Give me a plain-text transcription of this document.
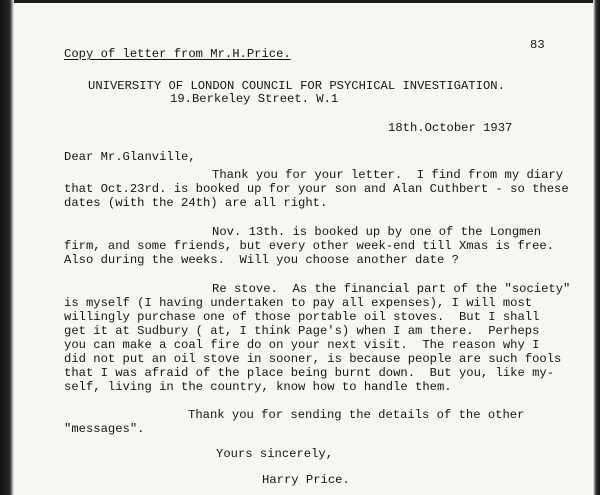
Copy of letter from Mr.H.Price.
83
UNIVERSITY OF LONDON COUNCIL FOR PSYCHICAL INVESTIGATION.
19.Berkeley Street. W.1
18th.October 1937
Dear Mr.Glanville,
Thank you for your letter.  I find from my diary
that Oct.23rd. is booked up for your son and Alan Cuthbert - so these
dates (with the 24th) are all right.
Nov. 13th. is booked up by one of the Longmen
firm, and some friends, but every other week-end till Xmas is free.
Also during the weeks.  Will you choose another date ?
Re stove.  As the financial part of the "society"
is myself (I having undertaken to pay all expenses), I will most
willingly purchase one of those portable oil stoves.  But I shall
get it at Sudbury ( at, I think Page's) when I am there.  Perheps
you can make a coal fire do on your next visit.  The reason why I
did not put an oil stove in sooner, is because people are such fools
that I was afraid of the place being burnt down.  But you, like my-
self, living in the country, know how to handle them.
Thank you for sending the details of the other
"messages".
Yours sincerely,
Harry Price.
